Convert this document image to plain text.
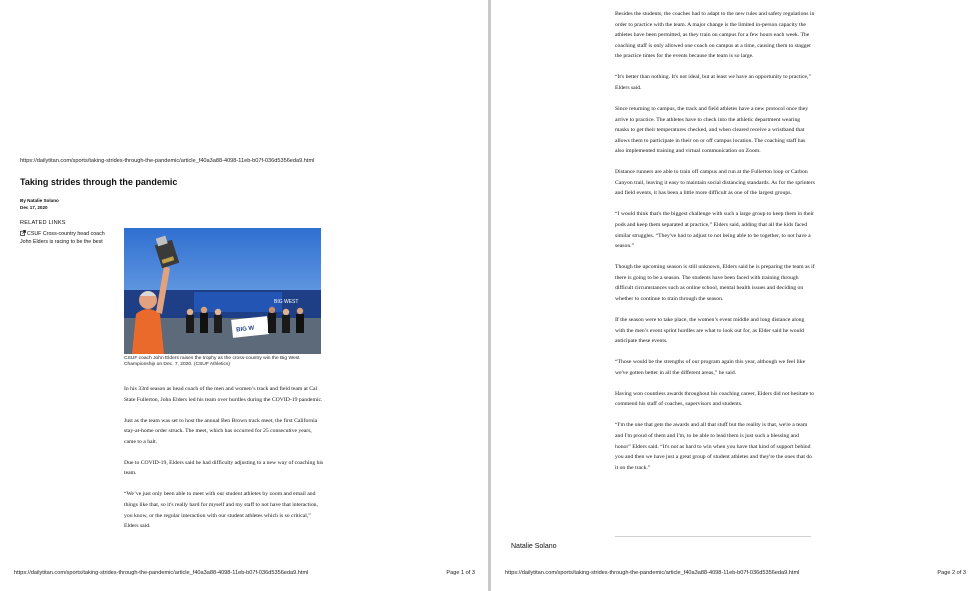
https://dailytitan.com/sports/taking-strides-through-the-pandemic/article_f40a3a88-4098-11eb-b07f-036d5356eda9.html
Taking strides through the pandemic
By Natalie Solano
Dec 17, 2020
RELATED LINKS
CSUF Cross-country head coach John Elders is racing to be the best
BIG WEST
BIG W
CSUF coach John Elders raises the trophy as the cross-country win the Big West Championship on Dec. 7, 2020. (CSUF Athletics)

In his 33rd season as head coach of the men and women’s track and field team at Cal State Fullerton, John Elders led his team over hurdles during the COVID-19 pandemic.

Just as the team was set to host the annual Ben Brown track meet, the first California stay-at-home order struck. The meet, which has occurred for 25 consecutive years, came to a halt.

Due to COVID-19, Elders said he had difficulty adjusting to a new way of coaching his team.

“We’ve just only been able to meet with our student athletes by zoom and email and things like that, so it's really hard for myself and my staff to not have that interaction, you know, or the regular interaction with our student athletes which is so critical,” Elders said.

https://dailytitan.com/sports/taking-strides-through-the-pandemic/article_f40a3a88-4098-11eb-b07f-036d5356eda9.html	Page 1 of 3

Besides the students, the coaches had to adapt to the new rules and safety regulations in order to practice with the team. A major change is the limited in-person capacity the athletes have been permitted, as they train on campus for a few hours each week. The coaching staff is only allowed one coach on campus at a time, causing them to stagger the practice times for the events because the team is so large.

“It's better than nothing. It's not ideal, but at least we have an opportunity to practice,” Elders said.

Since returning to campus, the track and field athletes have a new protocol once they arrive to practice. The athletes have to check into the athletic department wearing masks to get their temperatures checked, and when cleared receive a wristband that allows them to participate in their on or off campus location. The coaching staff has also implemented training and virtual communication on Zoom.

Distance runners are able to train off campus and run at the Fullerton loop or Carbon Canyon trail, leaving it easy to maintain social distancing standards. As for the sprinters and field events, it has been a little more difficult as one of the largest groups.

“I would think that's the biggest challenge with such a large group to keep them in their pods and keep them separated at practice,” Elders said, adding that all the kids faced similar struggles. “They've had to adjust to not being able to be together, to not have a season.”

Though the upcoming season is still unknown, Elders said he is preparing the team as if there is going to be a season. The students have been faced with training through difficult circumstances such as online school, mental health issues and deciding on whether to continue to train through the season.

If the season were to take place, the women’s event middle and long distance along with the men’s event sprint hurdles are what to look out for, as Elder said he would anticipate these events.

“Those would be the strengths of our program again this year, although we feel like we've gotten better in all the different areas,” he said.

Having won countless awards throughout his coaching career, Elders did not hesitate to commend his staff of coaches, supervisors and students.

“I'm the one that gets the awards and all that stuff but the reality is that, we're a team and I'm proud of them and I'm, to be able to lead them is just such a blessing and honor” Elders said. “It's not as hard to win when you have that kind of support behind you and then we have just a great group of student athletes and they're the ones that do it on the track.”

Natalie Solano
https://dailytitan.com/sports/taking-strides-through-the-pandemic/article_f40a3a88-4098-11eb-b07f-036d5356eda9.html	Page 2 of 3
